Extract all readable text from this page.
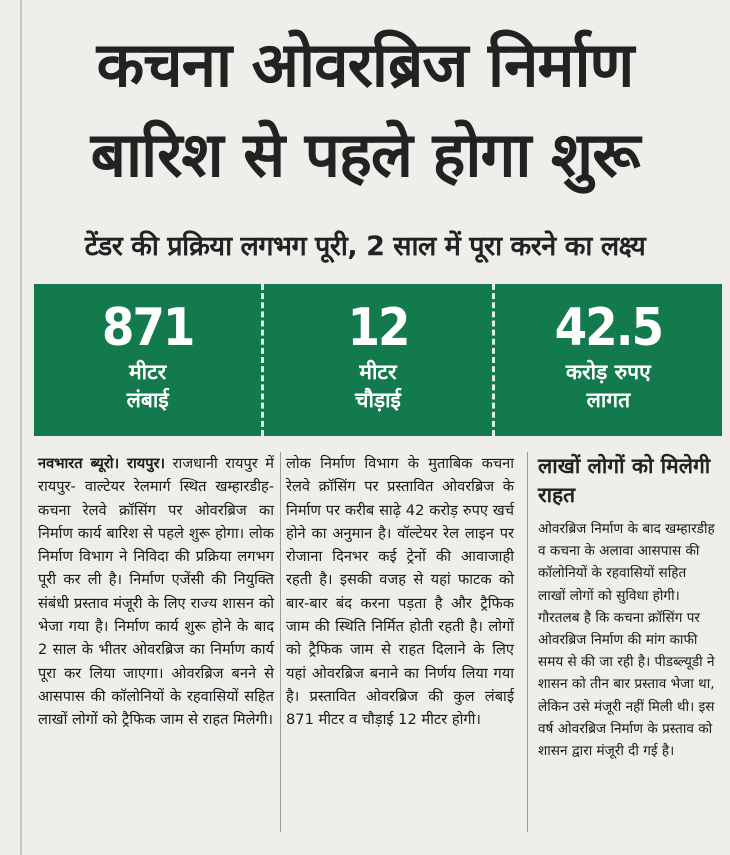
कचना ओवरब्रिज निर्माण
बारिश से पहले होगा शुरू
टेंडर की प्रक्रिया लगभग पूरी, 2 साल में पूरा करने का लक्ष्य
871
मीटर
लंबाई
12
मीटर
चौड़ाई
42.5
करोड़ रुपए
लागत
नवभारत ब्यूरो। रायपुर। राजधानी रायपुर में रायपुर- वाल्टेयर रेलमार्ग स्थित खम्हारडीह-कचना रेलवे क्रॉसिंग पर ओवरब्रिज का निर्माण कार्य बारिश से पहले शुरू होगा। लोक निर्माण विभाग ने निविदा की प्रक्रिया लगभग पूरी कर ली है। निर्माण एजेंसी की नियुक्ति संबंधी प्रस्ताव मंजूरी के लिए राज्य शासन को भेजा गया है। निर्माण कार्य शुरू होने के बाद 2 साल के भीतर ओवरब्रिज का निर्माण कार्य पूरा कर लिया जाएगा। ओवरब्रिज बनने से आसपास की कॉलोनियों के रहवासियों सहित लाखों लोगों को ट्रैफिक जाम से राहत मिलेगी।
लोक निर्माण विभाग के मुताबिक कचना रेलवे क्रॉसिंग पर प्रस्तावित ओवरब्रिज के निर्माण पर करीब साढ़े 42 करोड़ रुपए खर्च होने का अनुमान है। वॉल्टेयर रेल लाइन पर रोजाना दिनभर कई ट्रेनों की आवाजाही रहती है। इसकी वजह से यहां फाटक को बार-बार बंद करना पड़ता है और ट्रैफिक जाम की स्थिति निर्मित होती रहती है। लोगों को ट्रैफिक जाम से राहत दिलाने के लिए यहां ओवरब्रिज बनाने का निर्णय लिया गया है। प्रस्तावित ओवरब्रिज की कुल लंबाई 871 मीटर व चौड़ाई 12 मीटर होगी।
लाखों लोगों को मिलेगी राहत
ओवरब्रिज निर्माण के बाद खम्हारडीह व कचना के अलावा आसपास की कॉलोनियों के रहवासियों सहित लाखों लोगों को सुविधा होगी। गौरतलब है कि कचना क्रॉसिंग पर ओवरब्रिज निर्माण की मांग काफी समय से की जा रही है। पीडब्ल्यूडी ने शासन को तीन बार प्रस्ताव भेजा था, लेकिन उसे मंजूरी नहीं मिली थी। इस वर्ष ओवरब्रिज निर्माण के प्रस्ताव को शासन द्वारा मंजूरी दी गई है।
